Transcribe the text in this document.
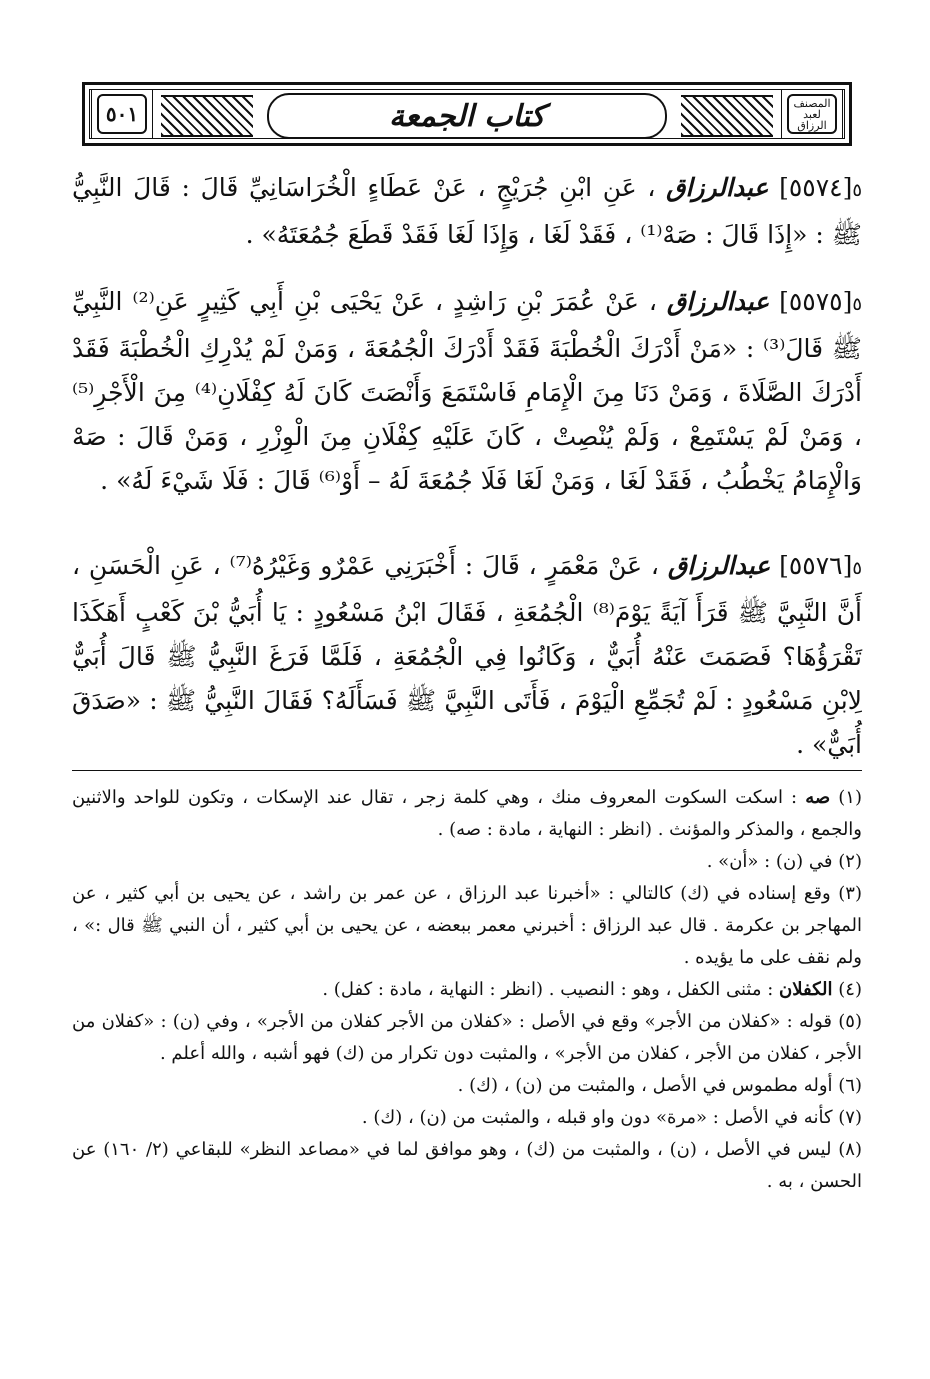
المصنف
لعبد الرزاق
كتاب الجمعة
٥٠١
٥[٥٥٧٤] عبدالرزاق ، عَنِ ابْنِ جُرَيْجٍ ، عَنْ عَطَاءٍ الْخُرَاسَانِيِّ قَالَ : قَالَ النَّبِيُّ ﷺ : «إِذَا قَالَ : صَهْ⁽¹⁾ ، فَقَدْ لَغَا ، وَإِذَا لَغَا فَقَدْ قَطَعَ جُمُعَتَهُ» .
٥[٥٥٧٥] عبدالرزاق ، عَنْ عُمَرَ بْنِ رَاشِدٍ ، عَنْ يَحْيَى بْنِ أَبِي كَثِيرٍ عَنِ⁽²⁾ النَّبِيِّ ﷺ قَالَ⁽³⁾ : «مَنْ أَدْرَكَ الْخُطْبَةَ فَقَدْ أَدْرَكَ الْجُمُعَةَ ، وَمَنْ لَمْ يُدْرِكِ الْخُطْبَةَ فَقَدْ أَدْرَكَ الصَّلَاةَ ، وَمَنْ دَنَا مِنَ الْإِمَامِ فَاسْتَمَعَ وَأَنْصَتَ كَانَ لَهُ كِفْلَانِ⁽⁴⁾ مِنَ الْأَجْرِ⁽⁵⁾ ، وَمَنْ لَمْ يَسْتَمِعْ ، وَلَمْ يُنْصِتْ ، كَانَ عَلَيْهِ كِفْلَانِ مِنَ الْوِزْرِ ، وَمَنْ قَالَ : صَهْ وَالْإِمَامُ يَخْطُبُ ، فَقَدْ لَغَا ، وَمَنْ لَغَا فَلَا جُمُعَةَ لَهُ – أَوْ⁽⁶⁾ قَالَ : فَلَا شَيْءَ لَهُ» .
٥[٥٥٧٦] عبدالرزاق ، عَنْ مَعْمَرٍ ، قَالَ : أَخْبَرَنِي عَمْرٌو وَغَيْرُهُ⁽⁷⁾ ، عَنِ الْحَسَنِ ، أَنَّ النَّبِيَّ ﷺ قَرَأَ آيَةً يَوْمَ⁽⁸⁾ الْجُمُعَةِ ، فَقَالَ ابْنُ مَسْعُودٍ : يَا أُبَيُّ بْنَ كَعْبٍ أَهَكَذَا تَقْرَؤُهَا؟ فَصَمَتَ عَنْهُ أُبَيٌّ ، وَكَانُوا فِي الْجُمُعَةِ ، فَلَمَّا فَرَغَ النَّبِيُّ ﷺ قَالَ أُبَيٌّ لِابْنِ مَسْعُودٍ : لَمْ تُجَمِّعِ الْيَوْمَ ، فَأَتَى النَّبِيَّ ﷺ فَسَأَلَهُ؟ فَقَالَ النَّبِيُّ ﷺ : «صَدَقَ أُبَيٌّ» .

(١) صه : اسكت السكوت المعروف منك ، وهي كلمة زجر ، تقال عند الإسكات ، وتكون للواحد والاثنين والجمع ، والمذكر والمؤنث . (انظر : النهاية ، مادة : صه) .

(٢) في (ن) : «أن» .

(٣) وقع إسناده في (ك) كالتالي : «أخبرنا عبد الرزاق ، عن عمر بن راشد ، عن يحيى بن أبي كثير ، عن المهاجر بن عكرمة . قال عبد الرزاق : أخبرني معمر ببعضه ، عن يحيى بن أبي كثير ، أن النبي ﷺ قال :» ، ولم نقف على ما يؤيده .

(٤) الكفلان : مثنى الكفل ، وهو : النصيب . (انظر : النهاية ، مادة : كفل) .

(٥) قوله : «كفلان من الأجر» وقع في الأصل : «كفلان من الأجر كفلان من الأجر» ، وفي (ن) : «كفلان من الأجر ، كفلان من الأجر ، كفلان من الأجر» ، والمثبت دون تكرار من (ك) فهو أشبه ، والله أعلم .

(٦) أوله مطموس في الأصل ، والمثبت من (ن) ، (ك) .

(٧) كأنه في الأصل : «مرة» دون واو قبله ، والمثبت من (ن) ، (ك) .

(٨) ليس في الأصل ، (ن) ، والمثبت من (ك) ، وهو موافق لما في «مصاعد النظر» للبقاعي (٢/ ١٦٠) عن الحسن ، به .
